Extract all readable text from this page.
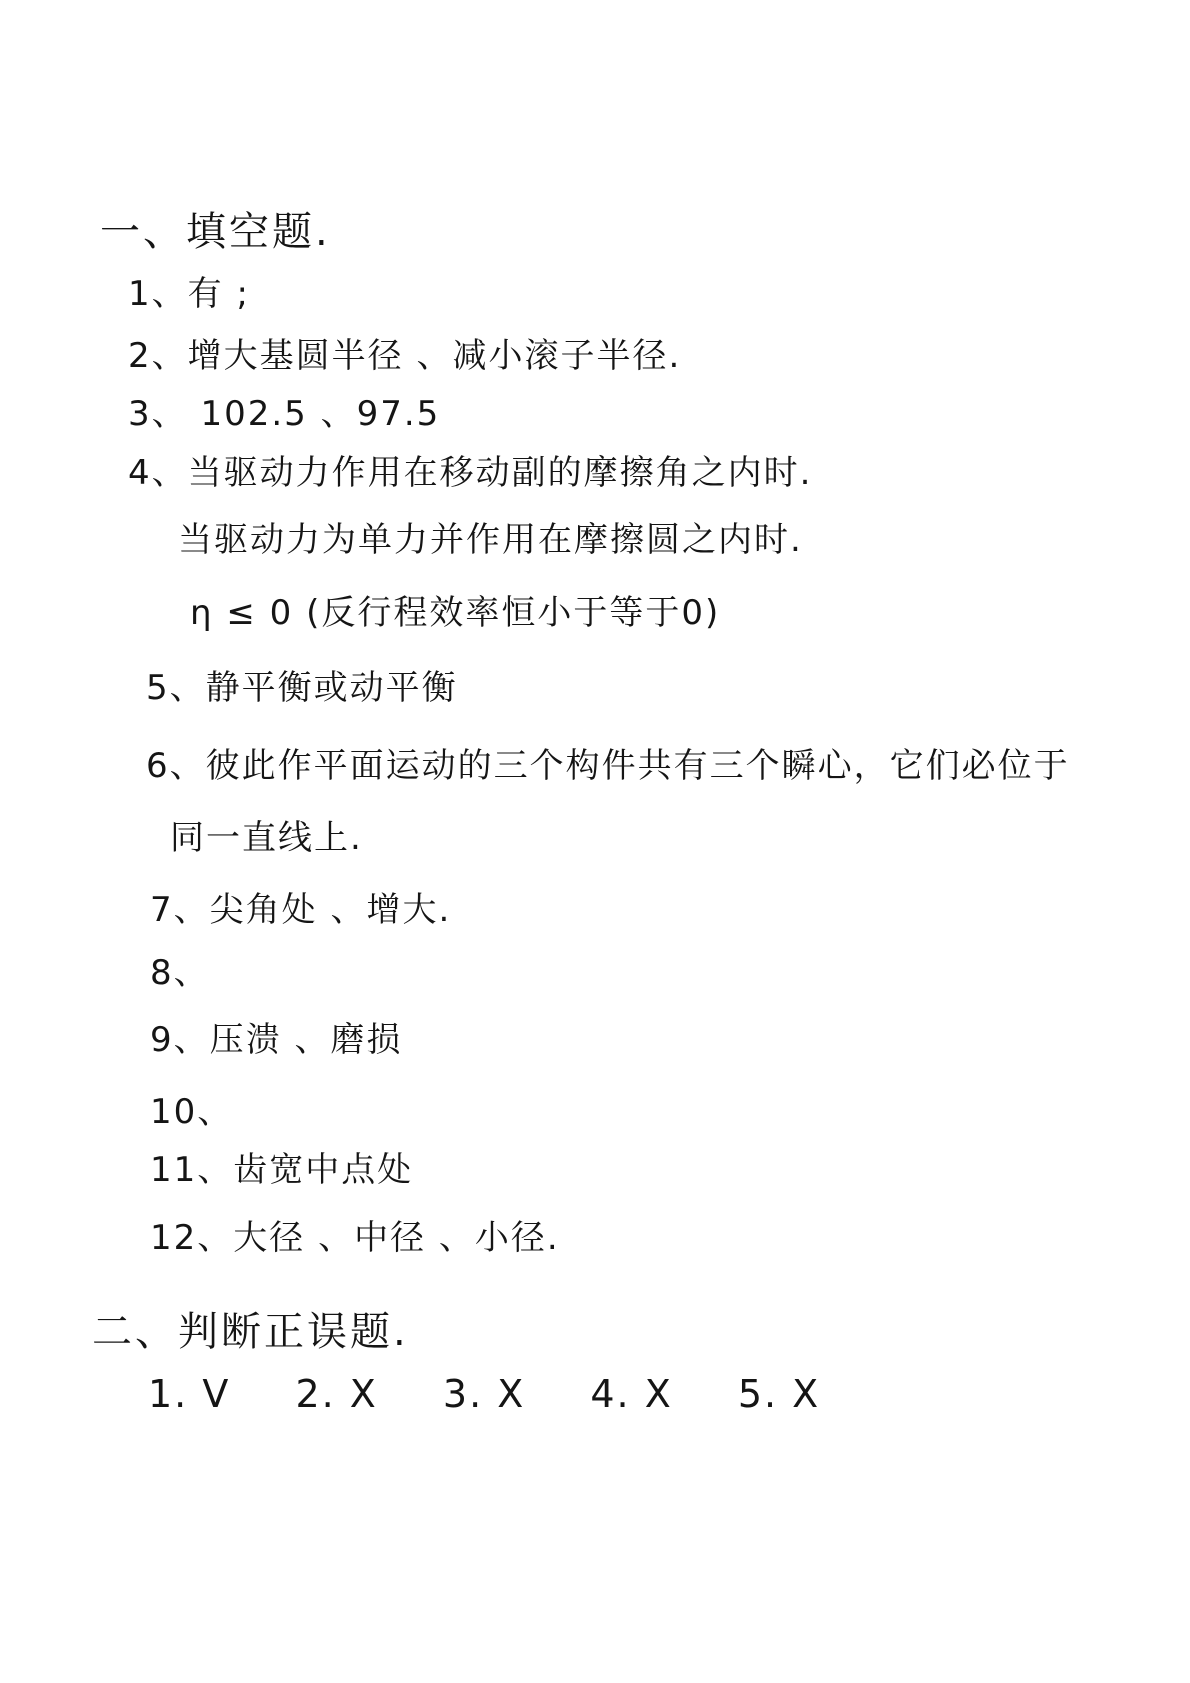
一、填空题.
1、有 ;
2、增大基圆半径 、减小滚子半径.
3、 102.5 、97.5
4、当驱动力作用在移动副的摩擦角之内时.
当驱动力为单力并作用在摩擦圆之内时.
η ≤ 0 (反行程效率恒小于等于0)
5、静平衡或动平衡
6、彼此作平面运动的三个构件共有三个瞬心，它们必位于
同一直线上.
7、尖角处 、增大.
8、
9、压溃 、磨损
10、
11、齿宽中点处
12、大径 、中径 、小径.
二、判断正误题.
1. V 2. X 3. X 4. X 5. X
